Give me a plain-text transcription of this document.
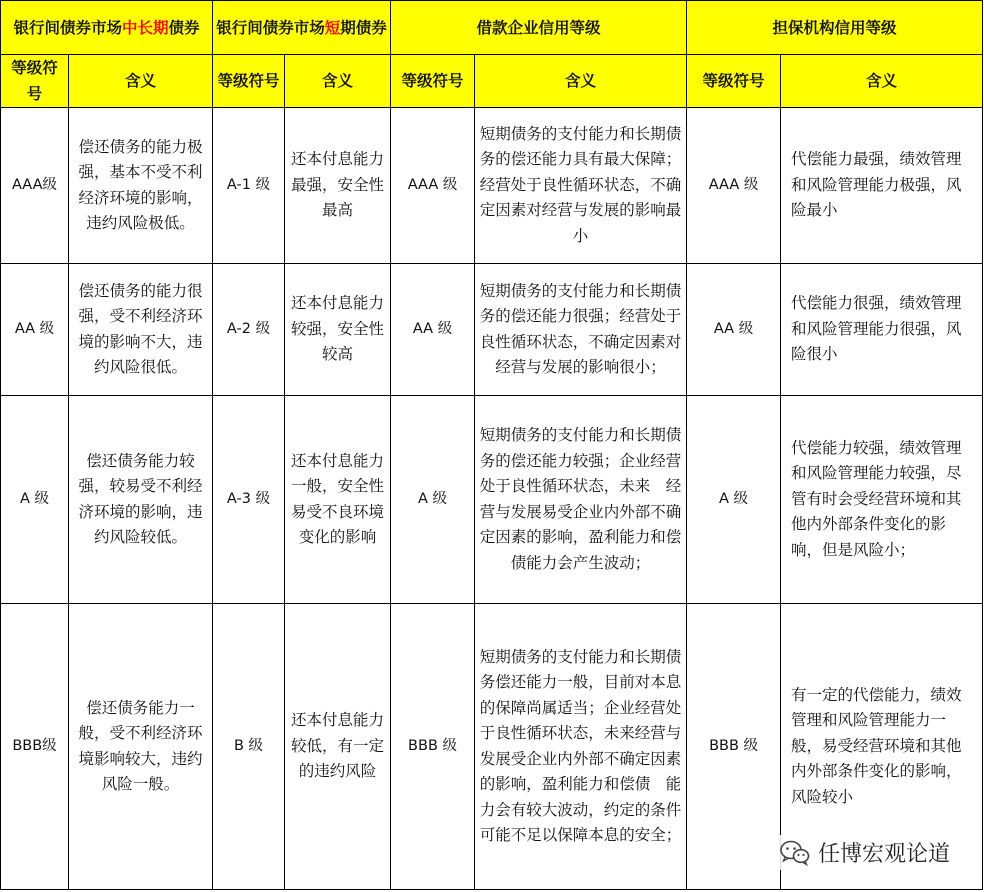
银行间债券市场中长期债券		银行间债券市场短期债券		借款企业信用等级		担保机构信用等级	
等级符号	含义	等级符号	含义	等级符号	含义	等级符号	含义
AAA级	偿还债务的能力极强，基本不受不利经济环境的影响，违约风险极低。	A-1 级	还本付息能力最强，安全性最高	AAA 级	短期债务的支付能力和长期债务的偿还能力具有最大保障；经营处于良性循环状态，不确定因素对经营与发展的影响最小	AAA 级	代偿能力最强，绩效管理和风险管理能力极强，风险最小
AA 级	偿还债务的能力很强，受不利经济环境的影响不大，违约风险很低。	A-2 级	还本付息能力较强，安全性较高	AA 级	短期债务的支付能力和长期债务的偿还能力很强；经营处于良性循环状态，不确定因素对经营与发展的影响很小；	AA 级	代偿能力很强，绩效管理和风险管理能力很强，风险很小
A 级	偿还债务能力较强，较易受不利经济环境的影响，违约风险较低。	A-3 级	还本付息能力一般，安全性易受不良环境变化的影响	A 级	短期债务的支付能力和长期债务的偿还能力较强；企业经营处于良性循环状态，未来　经营与发展易受企业内外部不确定因素的影响，盈利能力和偿债能力会产生波动；	A 级	代偿能力较强，绩效管理和风险管理能力较强，尽管有时会受经营环境和其他内外部条件变化的影响，但是风险小；
BBB级	偿还债务能力一般，受不利经济环境影响较大，违约风险一般。	B 级	还本付息能力较低，有一定的违约风险	BBB 级	短期债务的支付能力和长期债务偿还能力一般，目前对本息的保障尚属适当；企业经营处于良性循环状态，未来经营与发展受企业内外部不确定因素的影响，盈利能力和偿债　能力会有较大波动，约定的条件可能不足以保障本息的安全；	BBB 级	有一定的代偿能力，绩效管理和风险管理能力一般，易受经营环境和其他内外部条件变化的影响，风险较小
任博宏观论道
